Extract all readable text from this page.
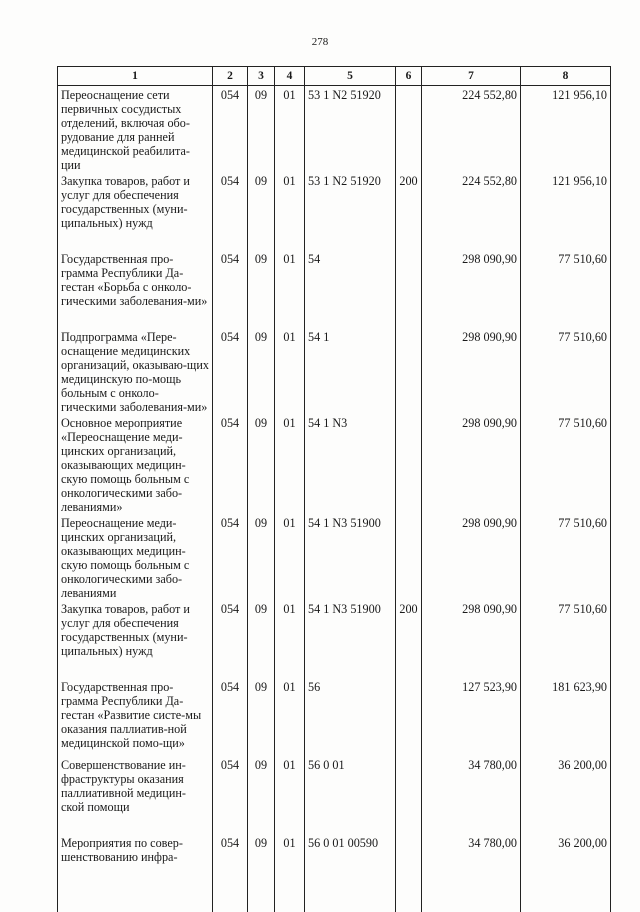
278
1	2	3	4	5	6	7	8
Переоснащение сети первичных сосудистых отделений, включая обо-рудование для ранней медицинской реабилита-ции	054	09	01	53 1 N2 51920		224 552,80	121 956,10
Закупка товаров, работ и услуг для обеспечения государственных (муни-ципальных) нужд	054	09	01	53 1 N2 51920	200	224 552,80	121 956,10
Государственная про-грамма Республики Да-гестан «Борьба с онколо-гическими заболевания-ми»	054	09	01	54		298 090,90	77 510,60
Подпрограмма «Пере-оснащение медицинских организаций, оказываю-щих медицинскую по-мощь больным с онколо-гическими заболевания-ми»	054	09	01	54 1		298 090,90	77 510,60
Основное мероприятие «Переоснащение меди-цинских организаций, оказывающих медицин-скую помощь больным с онкологическими забо-леваниями»	054	09	01	54 1 N3		298 090,90	77 510,60
Переоснащение меди-цинских организаций, оказывающих медицин-скую помощь больным с онкологическими забо-леваниями	054	09	01	54 1 N3 51900		298 090,90	77 510,60
Закупка товаров, работ и услуг для обеспечения государственных (муни-ципальных) нужд	054	09	01	54 1 N3 51900	200	298 090,90	77 510,60
Государственная про-грамма Республики Да-гестан «Развитие систе-мы оказания паллиатив-ной медицинской помо-щи»	054	09	01	56		127 523,90	181 623,90
Совершенствование ин-фраструктуры оказания паллиативной медицин-ской помощи	054	09	01	56 0 01		34 780,00	36 200,00
Мероприятия по совер-шенствованию инфра-	054	09	01	56 0 01 00590		34 780,00	36 200,00
